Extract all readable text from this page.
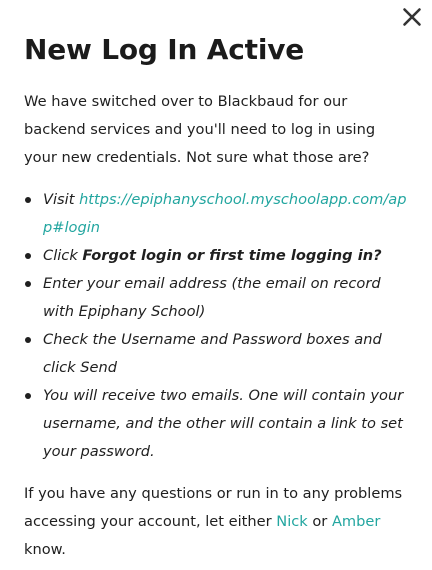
New Log In Active

We have switched over to Blackbaud for our backend services and you'll need to log in using your new credentials. Not sure what those are?

Visit https://epiphanyschool.myschoolapp.com/app#login
Click Forgot login or first time logging in?
Enter your email address (the email on record with Epiphany School)
Check the Username and Password boxes and click Send
You will receive two emails. One will contain your username, and the other will contain a link to set your password.

If you have any questions or run in to any problems accessing your account, let either Nick or Amber know.
